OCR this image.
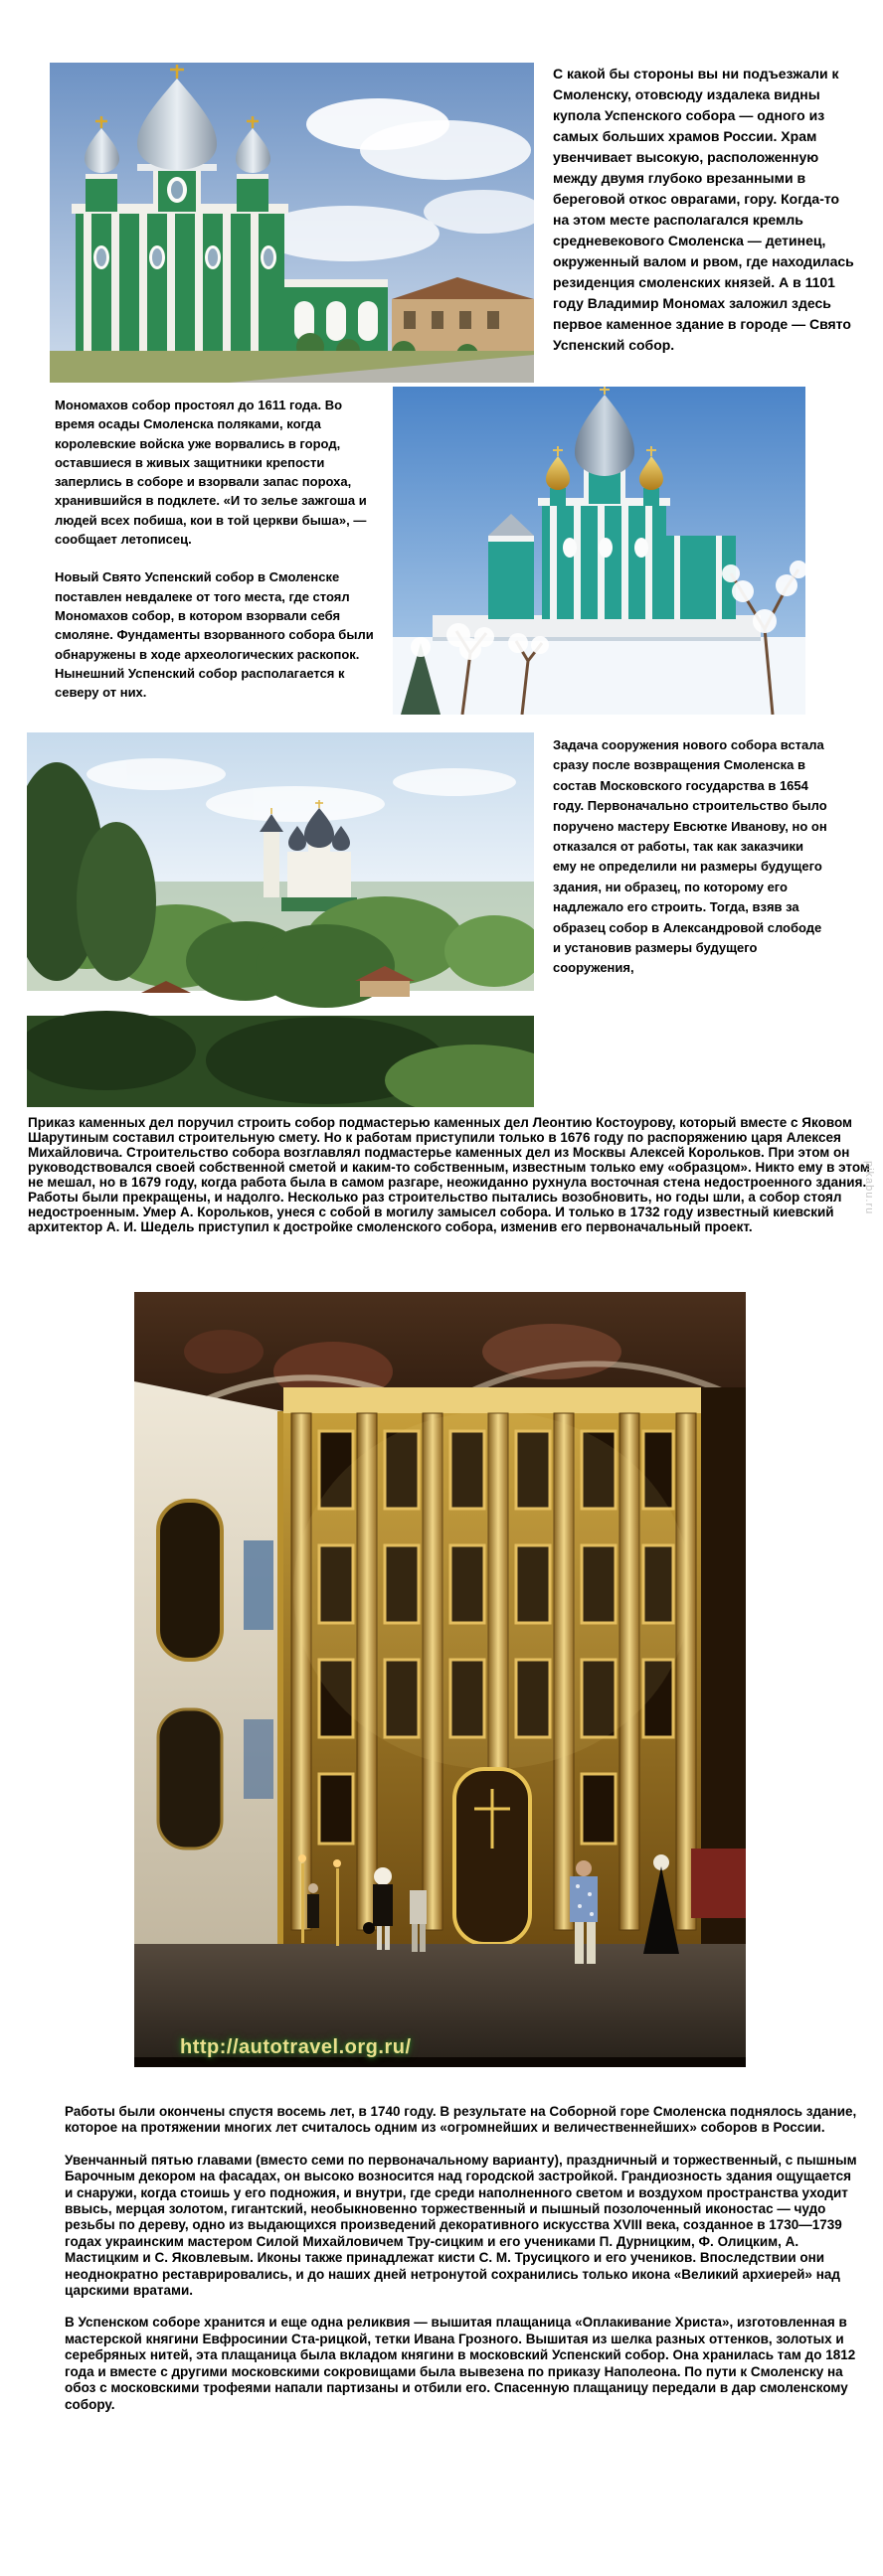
С какой бы стороны вы ни подъезжали к Смоленску, отовсюду издалека видны купола Успенского собора — одного из самых больших храмов России. Храм увенчивает высокую, расположенную между двумя глубоко врезанными в береговой откос оврагами, гору. Когда-то на этом месте располагался кремль средневекового Смоленска — детинец, окруженный валом и рвом, где находилась резиденция смоленских князей. А в 1101 году Владимир Мономах заложил здесь первое каменное здание в городе — Свято Успенский собор.

Мономахов собор простоял до 1611 года. Во время осады Смоленска поляками, когда королевские войска уже ворвались в город, оставшиеся в живых защитники крепости заперлись в соборе и взорвали запас пороха, хранившийся в подклете. «И то зелье зажгоша и людей всех побиша, кои в той церкви быша», — сообщает летописец.

Новый Свято Успенский собор в Смоленске поставлен невдалеке от того места, где стоял Мономахов собор, в котором взорвали себя смоляне. Фундаменты взорванного собора были обнаружены в ходе археологических раскопок. Нынешний Успенский собор располагается к северу от них.

Задача сооружения нового собора встала сразу после возвращения Смоленска в состав Московского государства в 1654 году. Первоначально строительство было поручено мастеру Евсютке Иванову, но он отказался от работы, так как заказчики ему не определили ни размеры будущего здания, ни образец, по которому его надлежало его строить. Тогда, взяв за образец собор в Александровой слободе и установив размеры будущего сооружения,

Приказ каменных дел поручил строить собор подмастерью каменных дел Леонтию Костоурову, который вместе с Яковом Шарутиным составил строительную смету. Но к работам приступили только в 1676 году по распоряжению царя Алексея Михайловича. Строительство собора возглавлял подмастерье каменных дел из Москвы Алексей Корольков. При этом он руководствовался своей собственной сметой и каким-то собственным, известным только ему «образцом». Никто ему в этом не мешал, но в 1679 году, когда работа была в самом разгаре, неожиданно рухнула восточная стена недостроенного здания. Работы были прекращены, и надолго. Несколько раз строительство пытались возобновить, но годы шли, а собор стоял недостроенным. Умер А. Корольков, унеся с собой в могилу замысел собора. И только в 1732 году известный киевский архитектор А. И. Шедель приступил к достройке смоленского собора, изменив его первоначальный проект.

http://autotravel.org.ru/

Работы были окончены спустя восемь лет, в 1740 году. В результате на Соборной горе Смоленска поднялось здание, которое на протяжении многих лет считалось одним из «огромнейших и величественнейших» соборов в России.

Увенчанный пятью главами (вместо семи по первоначальному варианту), праздничный и торжественный, с пышным Барочным декором на фасадах, он высоко возносится над городской застройкой. Грандиозность здания ощущается и снаружи, когда стоишь у его подножия, и внутри, где среди наполненного светом и воздухом пространства уходит ввысь, мерцая золотом, гигантский, необыкновенно торжественный и пышный позолоченный иконостас — чудо резьбы по дереву, одно из выдающихся произведений декоративного искусства XVIII века, созданное в 1730—1739 годах украинским мастером Силой Михайловичем Тру-сицким и его учениками П. Дурницким, Ф. Олицким, А. Мастицким и С. Яковлевым. Иконы также принадлежат кисти С. М. Трусицкого и его учеников. Впоследствии они неоднократно реставрировались, и до наших дней нетронутой сохранились только икона «Великий архиерей» над царскими вратами.

В Успенском соборе хранится и еще одна реликвия — вышитая плащаница «Оплакивание Христа», изготовленная в мастерской княгини Евфросинии Ста-рицкой, тетки Ивана Грозного. Вышитая из шелка разных оттенков, золотых и серебряных нитей, эта плащаница была вкладом княгини в московский Успенский собор. Она хранилась там до 1812 года и вместе с другими московскими сокровищами была вывезена по приказу Наполеона. По пути к Смоленску на обоз с московскими трофеями напали партизаны и отбили его. Спасенную плащаницу передали в дар смоленскому собору.

pikabu.ru
